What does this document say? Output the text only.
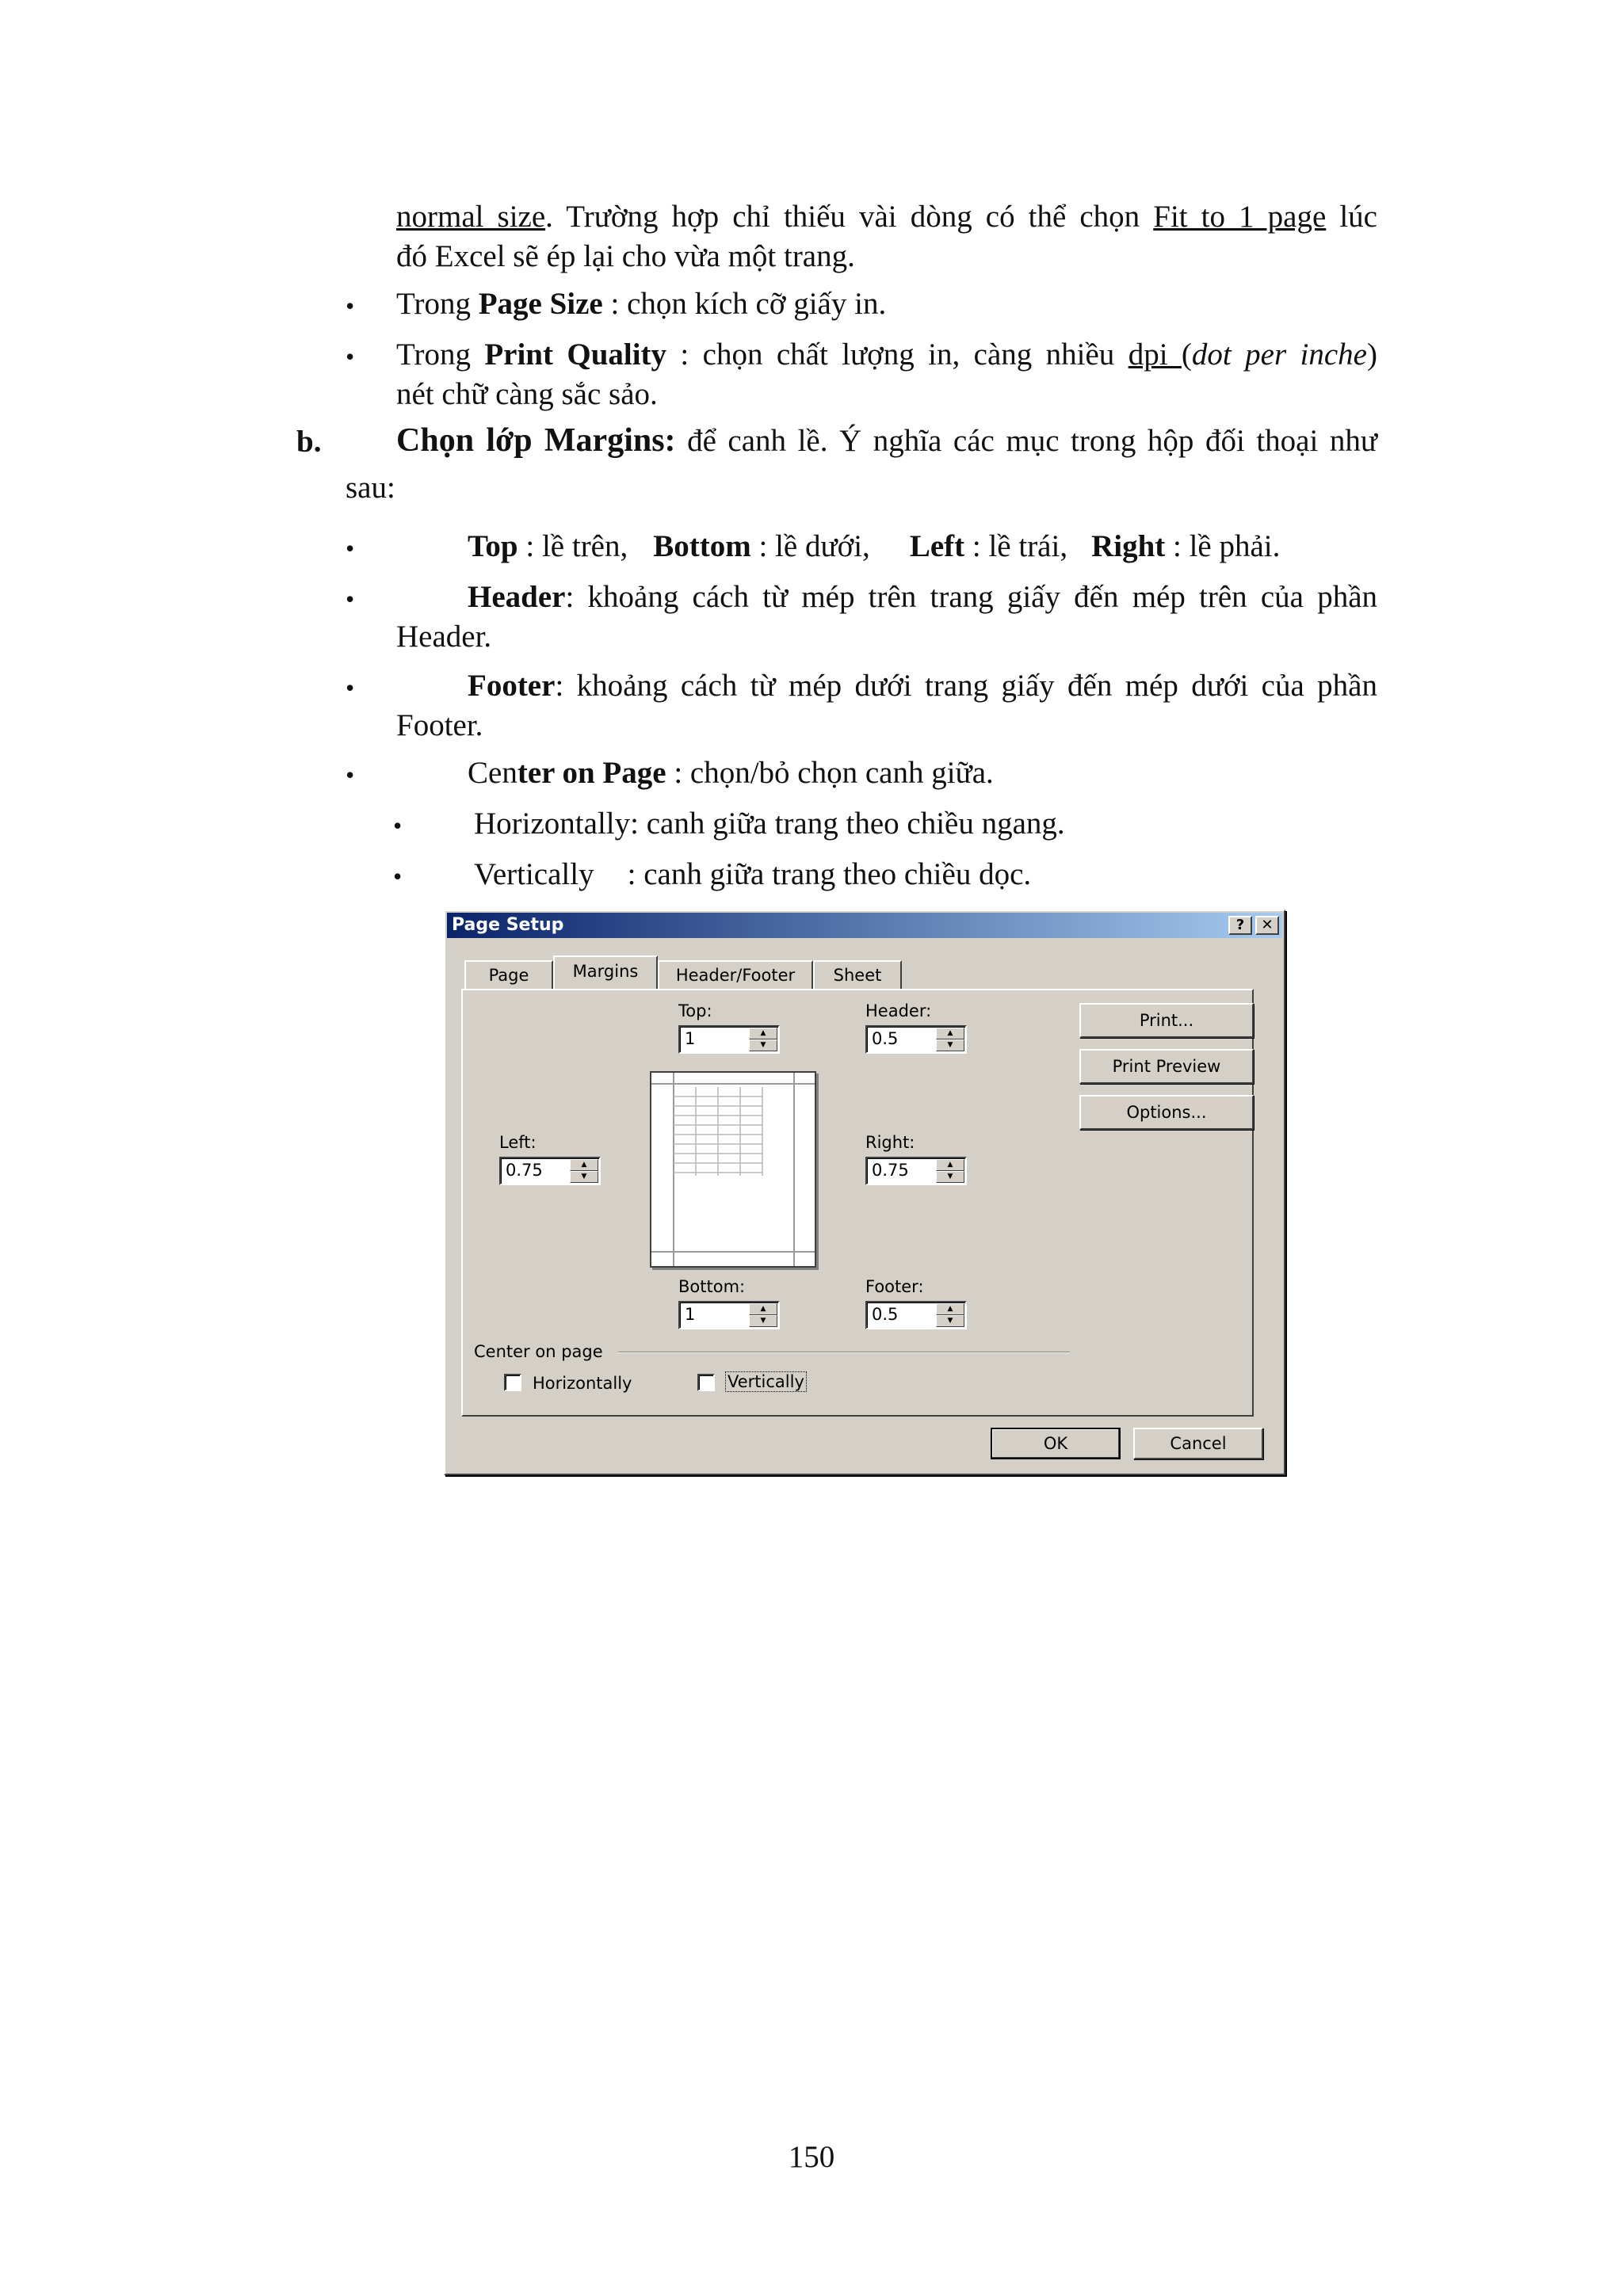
normal size. Trường hợp chỉ thiếu vài dòng có thể chọn Fit to 1 page lúc
đó Excel sẽ ép lại cho vừa một trang.
• Trong Page Size : chọn kích cỡ giấy in.
• Trong Print Quality : chọn chất lượng in, càng nhiều dpi (dot per inche)
nét chữ càng sắc sảo.
b. Chọn lớp Margins: để canh lề. Ý nghĩa các mục trong hộp đối thoại như
sau:
•	Top : lề trên, Bottom : lề dưới, Left : lề trái, Right : lề phải.
•	Header: khoảng cách từ mép trên trang giấy đến mép trên của phần
Header.
•	Footer: khoảng cách từ mép dưới trang giấy đến mép dưới của phần
Footer.
•	Center on Page : chọn/bỏ chọn canh giữa.
• Horizontally: canh giữa trang theo chiều ngang.
• Vertically : canh giữa trang theo chiều dọc.
Page Setup	?	✕
Page	Margins	Header/Footer	Sheet
Top:
1	▲
▼
Header:
0.5	▲
▼
Left:
0.75	▲
▼
Right:
0.75	▲
▼
Bottom:
1	▲
▼
Footer:
0.5	▲
▼
Print...
Print Preview
Options...
Center on page
Horizontally	Vertically
OK	Cancel
150
